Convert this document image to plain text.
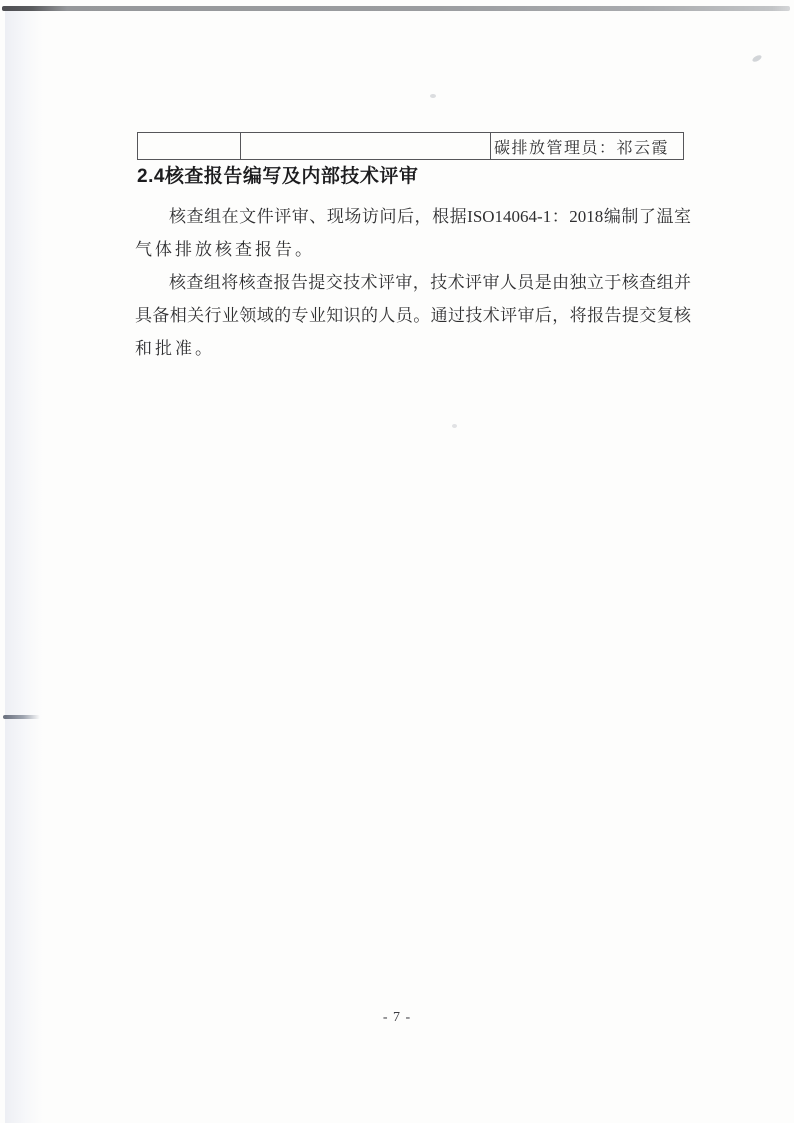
		碳排放管理员：祁云霞
2.4核查报告编写及内部技术评审

核查组在文件评审、现场访问后，根据ISO14064-1：2018编制了温室
气体排放核查报告。

核查组将核查报告提交技术评审，技术评审人员是由独立于核查组并
具备相关行业领域的专业知识的人员。通过技术评审后，将报告提交复核
和批准。

- 7 -
